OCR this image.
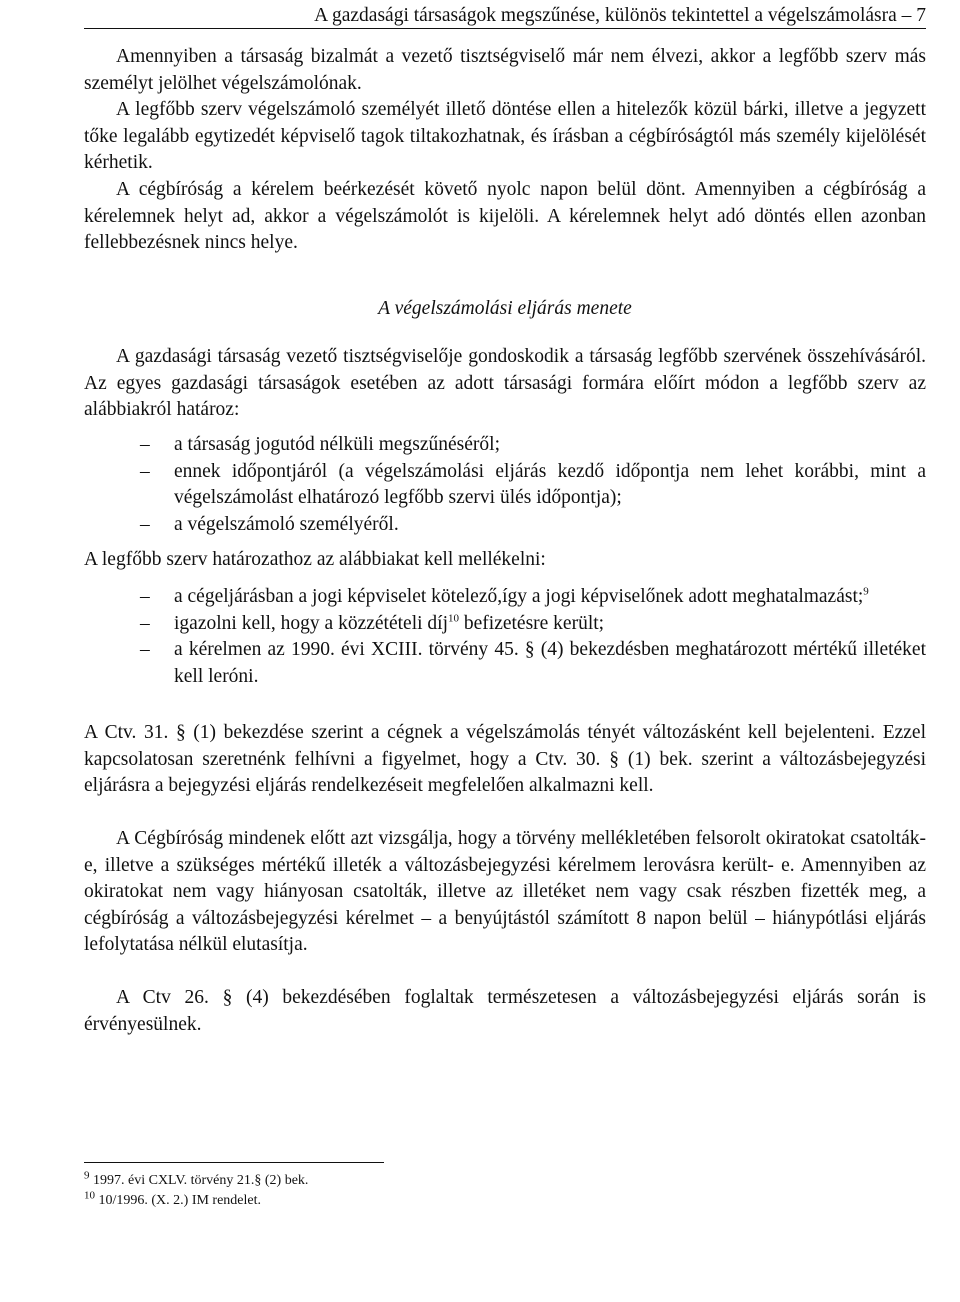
A gazdasági társaságok megszűnése, különös tekintettel a végelszámolásra – 7

Amennyiben a társaság bizalmát a vezető tisztségviselő már nem élvezi, akkor a legfőbb szerv más személyt jelölhet végelszámolónak.

A legfőbb szerv végelszámoló személyét illető döntése ellen a hitelezők közül bárki, illetve a jegyzett tőke legalább egytizedét képviselő tagok tiltakozhatnak, és írásban a cégbíróságtól más személy kijelölését kérhetik.

A cégbíróság a kérelem beérkezését követő nyolc napon belül dönt. Amennyiben a cégbíróság a kérelemnek helyt ad, akkor a végelszámolót is kijelöli. A kérelemnek helyt adó döntés ellen azonban fellebbezésnek nincs helye.

A végelszámolási eljárás menete

A gazdasági társaság vezető tisztségviselője gondoskodik a társaság legfőbb szervének összehívásáról. Az egyes gazdasági társaságok esetében az adott társasági formára előírt módon a legfőbb szerv az alábbiakról határoz:

– a társaság jogutód nélküli megszűnéséről;
– ennek időpontjáról (a végelszámolási eljárás kezdő időpontja nem lehet korábbi, mint a végelszámolást elhatározó legfőbb szervi ülés időpontja);
– a végelszámoló személyéről.

A legfőbb szerv határozathoz az alábbiakat kell mellékelni:

– a cégeljárásban a jogi képviselet kötelező,így a jogi képviselőnek adott meghatalmazást;$^9$
– igazolni kell, hogy a közzétételi díj$^{10}$ befizetésre került;
– a kérelmen az 1990. évi XCIII. törvény 45. § (4) bekezdésben meghatározott mértékű illetéket kell leróni.

A Ctv. 31. § (1) bekezdése szerint a cégnek a végelszámolás tényét változásként kell bejelenteni. Ezzel kapcsolatosan szeretnénk felhívni a figyelmet, hogy a Ctv. 30. § (1) bek. szerint a változásbejegyzési eljárásra a bejegyzési eljárás rendelkezéseit megfelelően alkalmazni kell.

A Cégbíróság mindenek előtt azt vizsgálja, hogy a törvény mellékletében felsorolt okiratokat csatolták-e, illetve a szükséges mértékű illeték a változásbejegyzési kérelmem lerovásra került- e. Amennyiben az okiratokat nem vagy hiányosan csatolták, illetve az illetéket nem vagy csak részben fizették meg, a cégbíróság a változásbejegyzési kérelmet – a benyújtástól számított 8 napon belül – hiánypótlási eljárás lefolytatása nélkül elutasítja.

A Ctv 26. § (4) bekezdésében foglaltak természetesen a változásbejegyzési eljárás során is érvényesülnek.

$^9$ 1997. évi CXLV. törvény 21.§ (2) bek.
$^{10}$ 10/1996. (X. 2.) IM rendelet.
